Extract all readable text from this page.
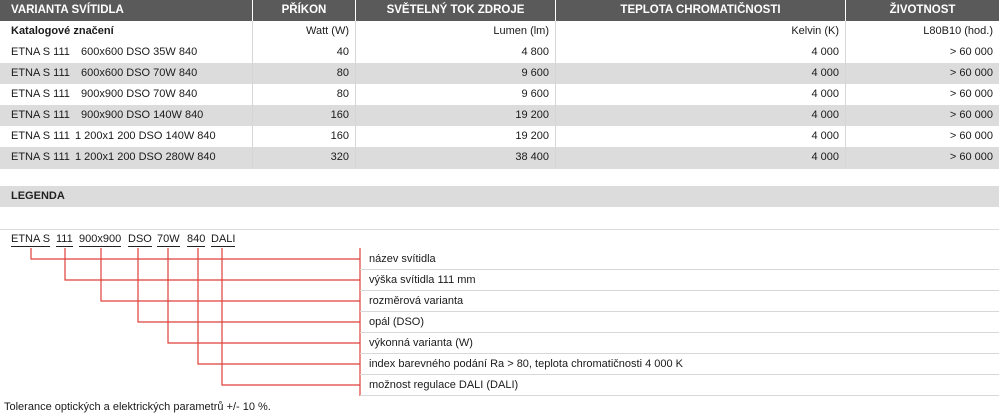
VARIANTA SVÍTIDLA	PŘÍKON	SVĚTELNÝ TOK ZDROJE	TEPLOTA CHROMATIČNOSTI	ŽIVOTNOST
Katalogové značení	Watt (W)	Lumen (lm)	Kelvin (K)	L80B10 (hod.)
ETNA S 111 600x600 DSO 35W 840	40	4 800	4 000	> 60 000
ETNA S 111 600x600 DSO 70W 840	80	9 600	4 000	> 60 000
ETNA S 111 900x900 DSO 70W 840	80	9 600	4 000	> 60 000
ETNA S 111 900x900 DSO 140W 840	160	19 200	4 000	> 60 000
ETNA S 111 1 200x1 200 DSO 140W 840	160	19 200	4 000	> 60 000
ETNA S 111 1 200x1 200 DSO 280W 840	320	38 400	4 000	> 60 000
LEGENDA
ETNA S 111 900x900 DSO 70W 840 DALI
název svítidla
výška svítidla 111 mm
rozměrová varianta
opál (DSO)
výkonná varianta (W)
index barevného podání Ra > 80, teplota chromatičnosti 4 000 K
možnost regulace DALI (DALI)
Tolerance optických a elektrických parametrů +/- 10 %.
